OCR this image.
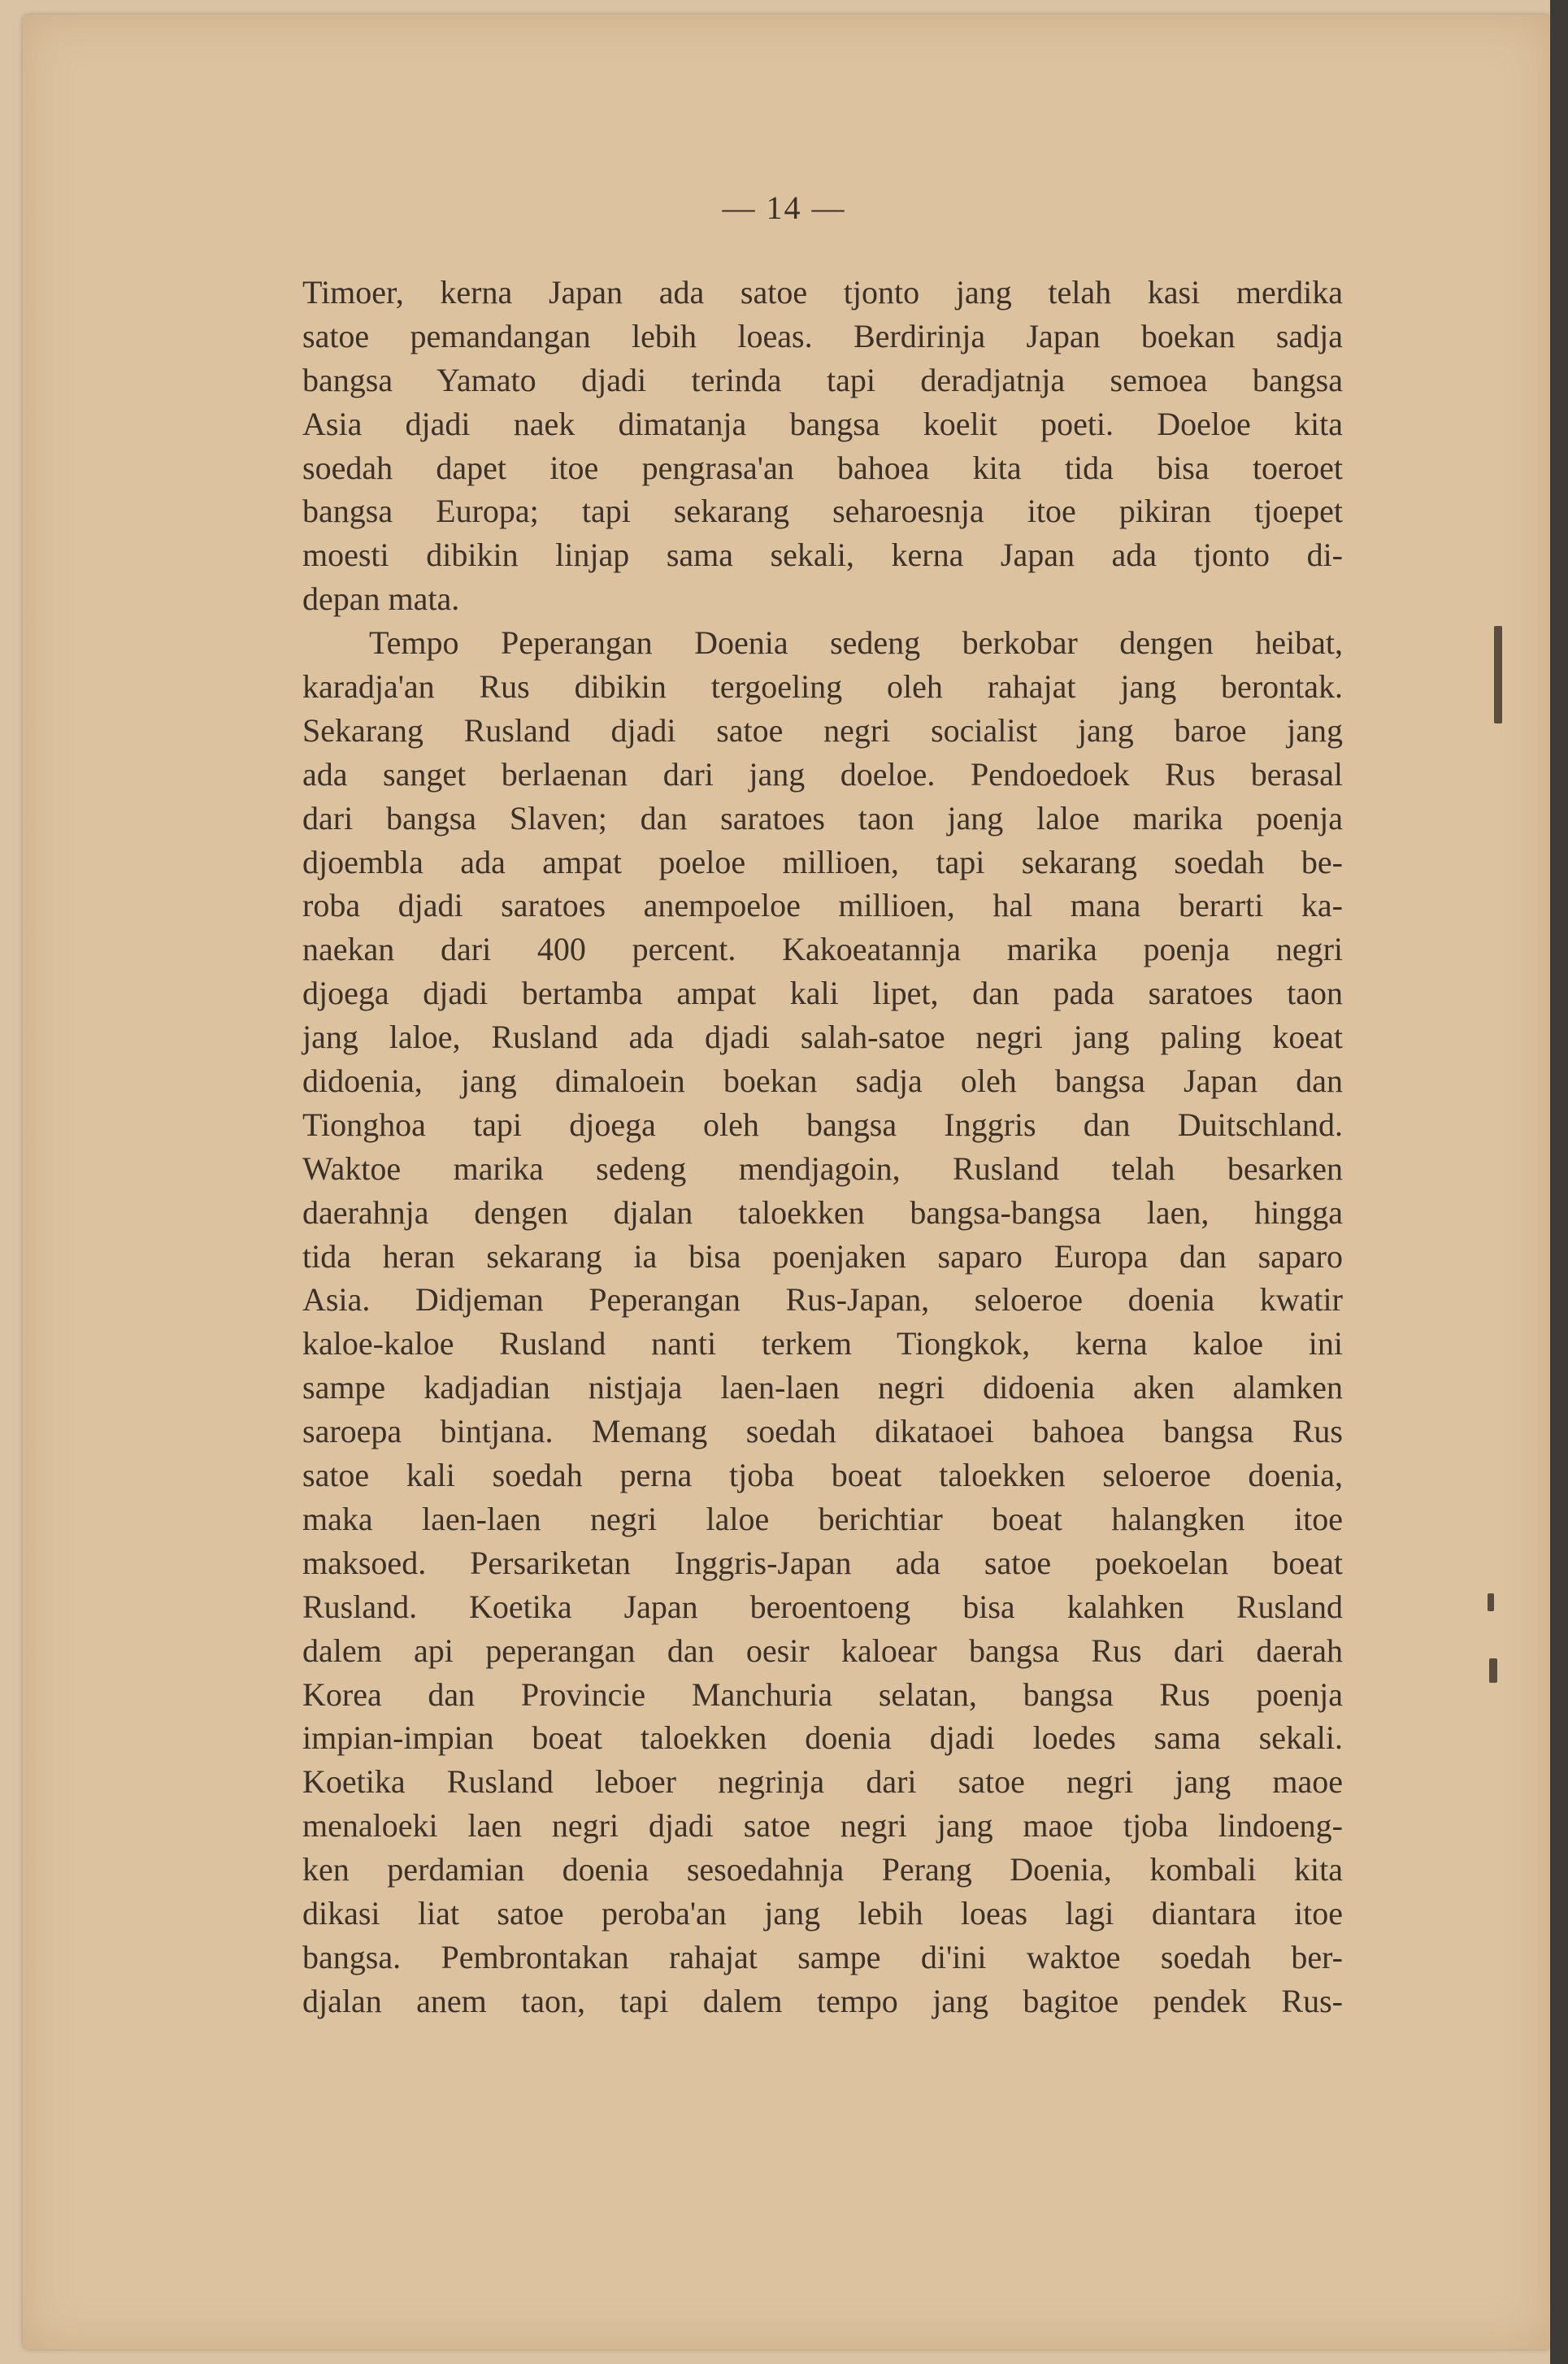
— 14 —
Timoer, kerna Japan ada satoe tjonto jang telah kasi merdika
satoe pemandangan lebih loeas. Berdirinja Japan boekan sadja
bangsa Yamato djadi terinda tapi deradjatnja semoea bangsa
Asia djadi naek dimatanja bangsa koelit poeti. Doeloe kita
soedah dapet itoe pengrasa'an bahoea kita tida bisa toeroet
bangsa Europa; tapi sekarang seharoesnja itoe pikiran tjoepet
moesti dibikin linjap sama sekali, kerna Japan ada tjonto di-
depan mata.
Tempo Peperangan Doenia sedeng berkobar dengen heibat,
karadja'an Rus dibikin tergoeling oleh rahajat jang berontak.
Sekarang Rusland djadi satoe negri socialist jang baroe jang
ada sanget berlaenan dari jang doeloe. Pendoedoek Rus berasal
dari bangsa Slaven; dan saratoes taon jang laloe marika poenja
djoembla ada ampat poeloe millioen, tapi sekarang soedah be-
roba djadi saratoes anempoeloe millioen, hal mana berarti ka-
naekan dari 400 percent. Kakoeatannja marika poenja negri
djoega djadi bertamba ampat kali lipet, dan pada saratoes taon
jang laloe, Rusland ada djadi salah-satoe negri jang paling koeat
didoenia, jang dimaloein boekan sadja oleh bangsa Japan dan
Tionghoa tapi djoega oleh bangsa Inggris dan Duitschland.
Waktoe marika sedeng mendjagoin, Rusland telah besarken
daerahnja dengen djalan taloekken bangsa-bangsa laen, hingga
tida heran sekarang ia bisa poenjaken saparo Europa dan saparo
Asia. Didjeman Peperangan Rus-Japan, seloeroe doenia kwatir
kaloe-kaloe Rusland nanti terkem Tiongkok, kerna kaloe ini
sampe kadjadian nistjaja laen-laen negri didoenia aken alamken
saroepa bintjana. Memang soedah dikataoei bahoea bangsa Rus
satoe kali soedah perna tjoba boeat taloekken seloeroe doenia,
maka laen-laen negri laloe berichtiar boeat halangken itoe
maksoed. Persariketan Inggris-Japan ada satoe poekoelan boeat
Rusland. Koetika Japan beroentoeng bisa kalahken Rusland
dalem api peperangan dan oesir kaloear bangsa Rus dari daerah
Korea dan Provincie Manchuria selatan, bangsa Rus poenja
impian-impian boeat taloekken doenia djadi loedes sama sekali.
Koetika Rusland leboer negrinja dari satoe negri jang maoe
menaloeki laen negri djadi satoe negri jang maoe tjoba lindoeng-
ken perdamian doenia sesoedahnja Perang Doenia, kombali kita
dikasi liat satoe peroba'an jang lebih loeas lagi diantara itoe
bangsa. Pembrontakan rahajat sampe di'ini waktoe soedah ber-
djalan anem taon, tapi dalem tempo jang bagitoe pendek Rus-
